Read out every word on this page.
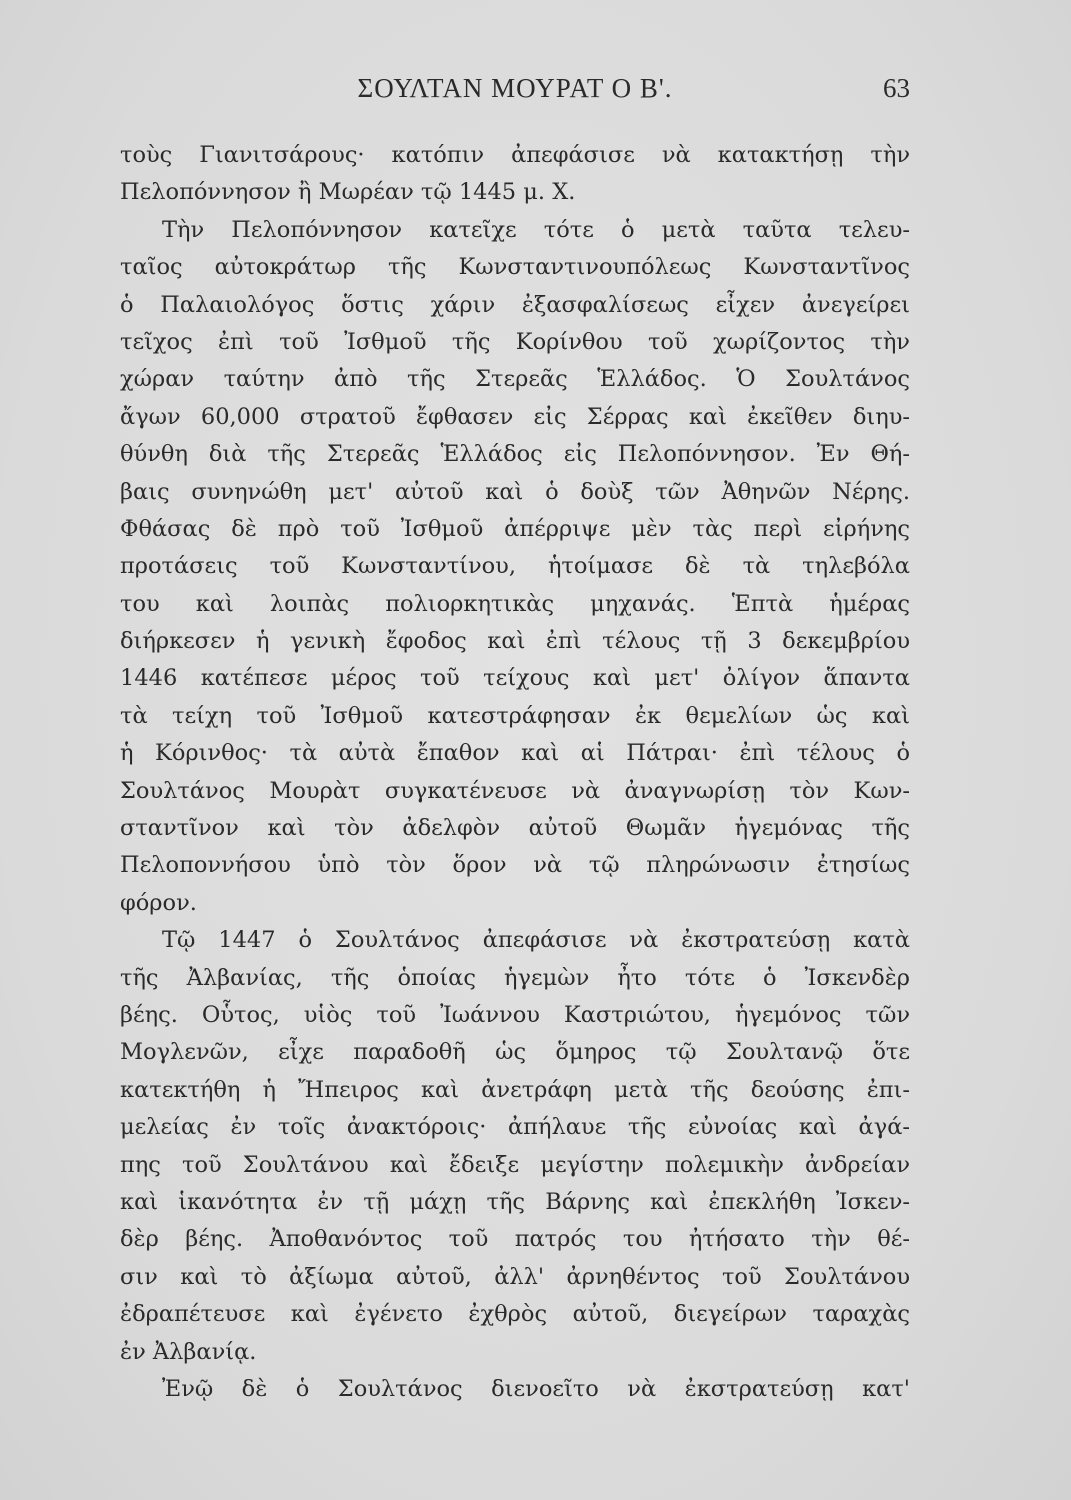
ΣΟΥΛΤΑΝ ΜΟΥΡΑΤ Ο Β'.	63
τοὺς Γιανιτσάρους· κατόπιν ἀπεφάσισε νὰ κατακτήσῃ τὴν
Πελοπόννησον ἢ Μωρέαν τῷ 1445 μ. Χ.
Τὴν Πελοπόννησον κατεῖχε τότε ὁ μετὰ ταῦτα τελευ-
ταῖος αὐτοκράτωρ τῆς Κωνσταντινουπόλεως Κωνσταντῖνος
ὁ Παλαιολόγος ὅστις χάριν ἐξασφαλίσεως εἶχεν ἀνεγείρει
τεῖχος ἐπὶ τοῦ Ἰσθμοῦ τῆς Κορίνθου τοῦ χωρίζοντος τὴν
χώραν ταύτην ἀπὸ τῆς Στερεᾶς Ἑλλάδος. Ὁ Σουλτάνος
ἄγων 60,000 στρατοῦ ἔφθασεν εἰς Σέρρας καὶ ἐκεῖθεν διηυ-
θύνθη διὰ τῆς Στερεᾶς Ἑλλάδος εἰς Πελοπόννησον. Ἐν Θή-
βαις συνηνώθη μετ' αὐτοῦ καὶ ὁ δοὺξ τῶν Ἀθηνῶν Νέρης.
Φθάσας δὲ πρὸ τοῦ Ἰσθμοῦ ἀπέρριψε μὲν τὰς περὶ εἰρήνης
προτάσεις τοῦ Κωνσταντίνου, ἡτοίμασε δὲ τὰ τηλεβόλα
του καὶ λοιπὰς πολιορκητικὰς μηχανάς. Ἑπτὰ ἡμέρας
διήρκεσεν ἡ γενικὴ ἔφοδος καὶ ἐπὶ τέλους τῇ 3 δεκεμβρίου
1446 κατέπεσε μέρος τοῦ τείχους καὶ μετ' ὀλίγον ἅπαντα
τὰ τείχη τοῦ Ἰσθμοῦ κατεστράφησαν ἐκ θεμελίων ὡς καὶ
ἡ Κόρινθος· τὰ αὐτὰ ἔπαθον καὶ αἱ Πάτραι· ἐπὶ τέλους ὁ
Σουλτάνος Μουρὰτ συγκατένευσε νὰ ἀναγνωρίσῃ τὸν Κων-
σταντῖνον καὶ τὸν ἀδελφὸν αὐτοῦ Θωμᾶν ἡγεμόνας τῆς
Πελοποννήσου ὑπὸ τὸν ὅρον νὰ τῷ πληρώνωσιν ἐτησίως
φόρον.
Τῷ 1447 ὁ Σουλτάνος ἀπεφάσισε νὰ ἐκστρατεύσῃ κατὰ
τῆς Ἀλβανίας, τῆς ὁποίας ἡγεμὼν ἦτο τότε ὁ Ἰσκενδὲρ
βέης. Οὗτος, υἱὸς τοῦ Ἰωάννου Καστριώτου, ἡγεμόνος τῶν
Μογλενῶν, εἶχε παραδοθῆ ὡς ὅμηρος τῷ Σουλτανῷ ὅτε
κατεκτήθη ἡ Ἤπειρος καὶ ἀνετράφη μετὰ τῆς δεούσης ἐπι-
μελείας ἐν τοῖς ἀνακτόροις· ἀπήλαυε τῆς εὐνοίας καὶ ἀγά-
πης τοῦ Σουλτάνου καὶ ἔδειξε μεγίστην πολεμικὴν ἀνδρείαν
καὶ ἱκανότητα ἐν τῇ μάχῃ τῆς Βάρνης καὶ ἐπεκλήθη Ἰσκεν-
δὲρ βέης. Ἀποθανόντος τοῦ πατρός του ἠτήσατο τὴν θέ-
σιν καὶ τὸ ἀξίωμα αὐτοῦ, ἀλλ' ἀρνηθέντος τοῦ Σουλτάνου
ἐδραπέτευσε καὶ ἐγένετο ἐχθρὸς αὐτοῦ, διεγείρων ταραχὰς
ἐν Ἀλβανίᾳ.
Ἐνῷ δὲ ὁ Σουλτάνος διενοεῖτο νὰ ἐκστρατεύσῃ κατ'
